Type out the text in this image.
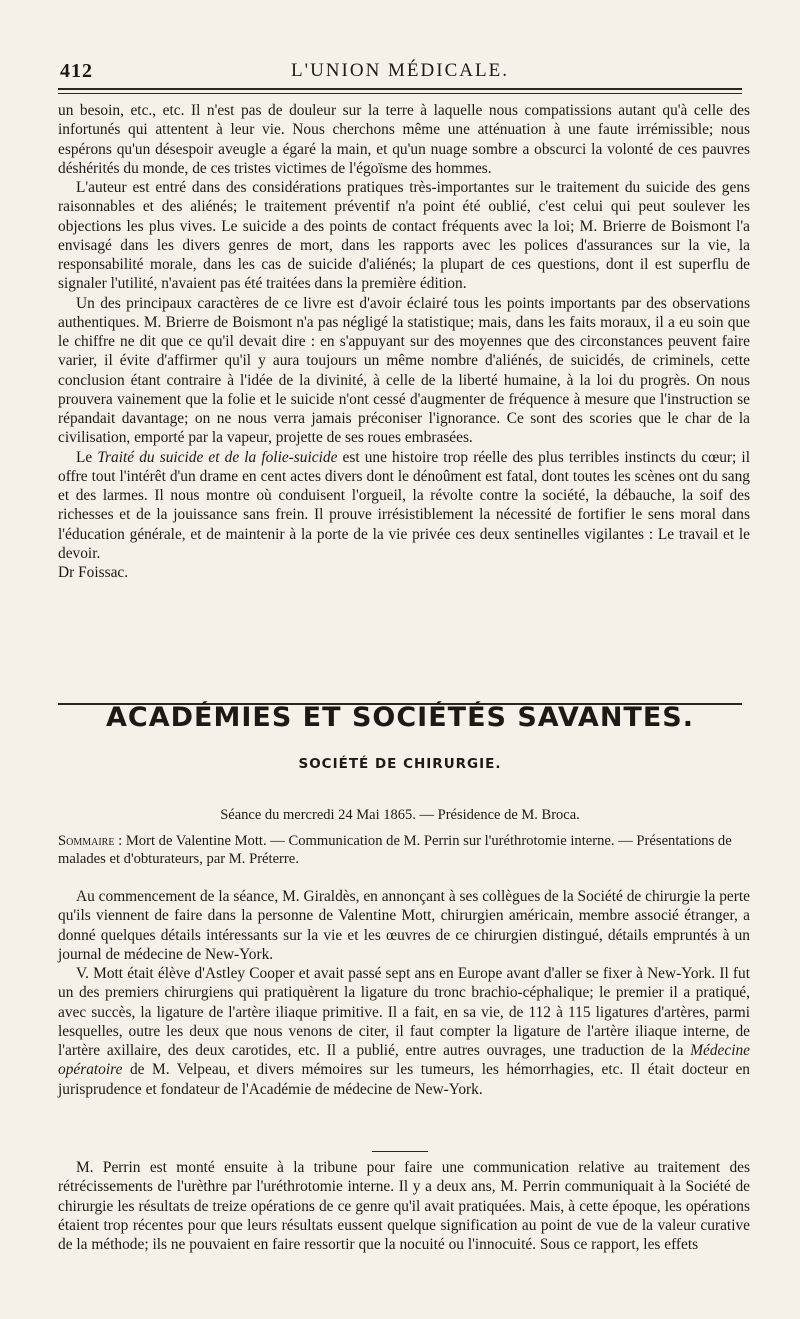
412	L'UNION MÉDICALE.

un besoin, etc., etc. Il n'est pas de douleur sur la terre à laquelle nous compatissions autant qu'à celle des infortunés qui attentent à leur vie. Nous cherchons même une atténuation à une faute irrémissible; nous espérons qu'un désespoir aveugle a égaré la main, et qu'un nuage sombre a obscurci la volonté de ces pauvres déshérités du monde, de ces tristes victimes de l'égoïsme des hommes.

L'auteur est entré dans des considérations pratiques très-importantes sur le traitement du suicide des gens raisonnables et des aliénés; le traitement préventif n'a point été oublié, c'est celui qui peut soulever les objections les plus vives. Le suicide a des points de contact fréquents avec la loi; M. Brierre de Boismont l'a envisagé dans les divers genres de mort, dans les rapports avec les polices d'assurances sur la vie, la responsabilité morale, dans les cas de suicide d'aliénés; la plupart de ces questions, dont il est superflu de signaler l'utilité, n'avaient pas été traitées dans la première édition.

Un des principaux caractères de ce livre est d'avoir éclairé tous les points importants par des observations authentiques. M. Brierre de Boismont n'a pas négligé la statistique; mais, dans les faits moraux, il a eu soin que le chiffre ne dit que ce qu'il devait dire : en s'appuyant sur des moyennes que des circonstances peuvent faire varier, il évite d'affirmer qu'il y aura toujours un même nombre d'aliénés, de suicidés, de criminels, cette conclusion étant contraire à l'idée de la divinité, à celle de la liberté humaine, à la loi du progrès. On nous prouvera vainement que la folie et le suicide n'ont cessé d'augmenter de fréquence à mesure que l'instruction se répandait davantage; on ne nous verra jamais préconiser l'ignorance. Ce sont des scories que le char de la civilisation, emporté par la vapeur, projette de ses roues embrasées.

Le Traité du suicide et de la folie-suicide est une histoire trop réelle des plus terribles instincts du cœur; il offre tout l'intérêt d'un drame en cent actes divers dont le dénoûment est fatal, dont toutes les scènes ont du sang et des larmes. Il nous montre où conduisent l'orgueil, la révolte contre la société, la débauche, la soif des richesses et de la jouissance sans frein. Il prouve irrésistiblement la nécessité de fortifier le sens moral dans l'éducation générale, et de maintenir à la porte de la vie privée ces deux sentinelles vigilantes : Le travail et le devoir.

Dr Foissac.

ACADÉMIES ET SOCIÉTÉS SAVANTES.
SOCIÉTÉ DE CHIRURGIE.
Séance du mercredi 24 Mai 1865. — Présidence de M. Broca.
Sommaire : Mort de Valentine Mott. — Communication de M. Perrin sur l'uréthrotomie interne. — Présentations de malades et d'obturateurs, par M. Préterre.

Au commencement de la séance, M. Giraldès, en annonçant à ses collègues de la Société de chirurgie la perte qu'ils viennent de faire dans la personne de Valentine Mott, chirurgien américain, membre associé étranger, a donné quelques détails intéressants sur la vie et les œuvres de ce chirurgien distingué, détails empruntés à un journal de médecine de New-York.

V. Mott était élève d'Astley Cooper et avait passé sept ans en Europe avant d'aller se fixer à New-York. Il fut un des premiers chirurgiens qui pratiquèrent la ligature du tronc brachio-céphalique; le premier il a pratiqué, avec succès, la ligature de l'artère iliaque primitive. Il a fait, en sa vie, de 112 à 115 ligatures d'artères, parmi lesquelles, outre les deux que nous venons de citer, il faut compter la ligature de l'artère iliaque interne, de l'artère axillaire, des deux carotides, etc. Il a publié, entre autres ouvrages, une traduction de la Médecine opératoire de M. Velpeau, et divers mémoires sur les tumeurs, les hémorrhagies, etc. Il était docteur en jurisprudence et fondateur de l'Académie de médecine de New-York.

M. Perrin est monté ensuite à la tribune pour faire une communication relative au traitement des rétrécissements de l'urèthre par l'uréthrotomie interne. Il y a deux ans, M. Perrin communiquait à la Société de chirurgie les résultats de treize opérations de ce genre qu'il avait pratiquées. Mais, à cette époque, les opérations étaient trop récentes pour que leurs résultats eussent quelque signification au point de vue de la valeur curative de la méthode; ils ne pouvaient en faire ressortir que la nocuité ou l'innocuité. Sous ce rapport, les effets
